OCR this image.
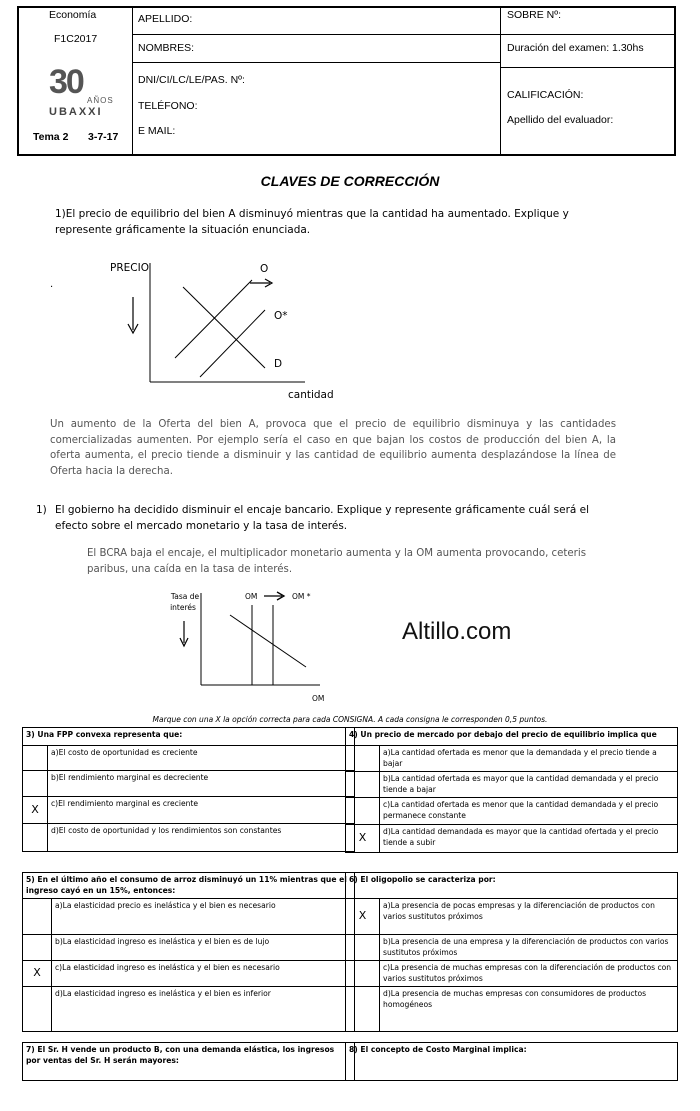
Economía
F1C2017
30 AÑOS
UBAXXI
Tema 2 3-7-17
APELLIDO:
NOMBRES:
DNI/CI/LC/LE/PAS. Nº:
TELÉFONO:
E MAIL:
SOBRE Nº:
Duración del examen: 1.30hs
CALIFICACIÓN:
Apellido del evaluador:
CLAVES DE CORRECCIÓN
1)El precio de equilibrio del bien A disminuyó mientras que la cantidad ha aumentado. Explique y represente gráficamente la situación enunciada.
.
PRECIO	O
O*
D
cantidad
Un aumento de la Oferta del bien A, provoca que el precio de equilibrio disminuya y las cantidades comercializadas aumenten. Por ejemplo sería el caso en que bajan los costos de producción del bien A, la oferta aumenta, el precio tiende a disminuir y las cantidad de equilibrio aumenta desplazándose la línea de Oferta hacia la derecha.
1) El gobierno ha decidido disminuir el encaje bancario. Explique y represente gráficamente cuál será el efecto sobre el mercado monetario y la tasa de interés.
El BCRA baja el encaje, el multiplicador monetario aumenta y la OM aumenta provocando, ceteris paribus, una caída en la tasa de interés.
Tasa de
interés
OM	OM *
OM
Altillo.com
Marque con una X la opción correcta para cada CONSIGNA. A cada consigna le corresponden 0,5 puntos.
3) Una FPP convexa representa que:	
	a)El costo de oportunidad es creciente
	b)El rendimiento marginal es decreciente
X	c)El rendimiento marginal es creciente
	d)El costo de oportunidad y los rendimientos son constantes
4) Un precio de mercado por debajo del precio de equilibrio implica que	
	a)La cantidad ofertada es menor que la demandada y el precio tiende a bajar
	b)La cantidad ofertada es mayor que la cantidad demandada y el precio tiende a bajar
	c)La cantidad ofertada es menor que la cantidad demandada y el precio permanece constante
X	d)La cantidad demandada es mayor que la cantidad ofertada y el precio tiende a subir
5) En el último año el consumo de arroz disminuyó un 11% mientras que el ingreso cayó en un 15%, entonces:	
	a)La elasticidad precio es inelástica y el bien es necesario
	b)La elasticidad ingreso es inelástica y el bien es de lujo
X	c)La elasticidad ingreso es inelástica y el bien es necesario
	d)La elasticidad ingreso es inelástica y el bien es inferior
6) El oligopolio se caracteriza por:	
X	a)La presencia de pocas empresas y la diferenciación de productos con varios sustitutos próximos
	b)La presencia de una empresa y la diferenciación de productos con varios sustitutos próximos
	c)La presencia de muchas empresas con la diferenciación de productos con varios sustitutos próximos
	d)La presencia de muchas empresas con consumidores de productos homogéneos
7) El Sr. H vende un producto B, con una demanda elástica, los ingresos por ventas del Sr. H serán mayores:
8) El concepto de Costo Marginal implica:
